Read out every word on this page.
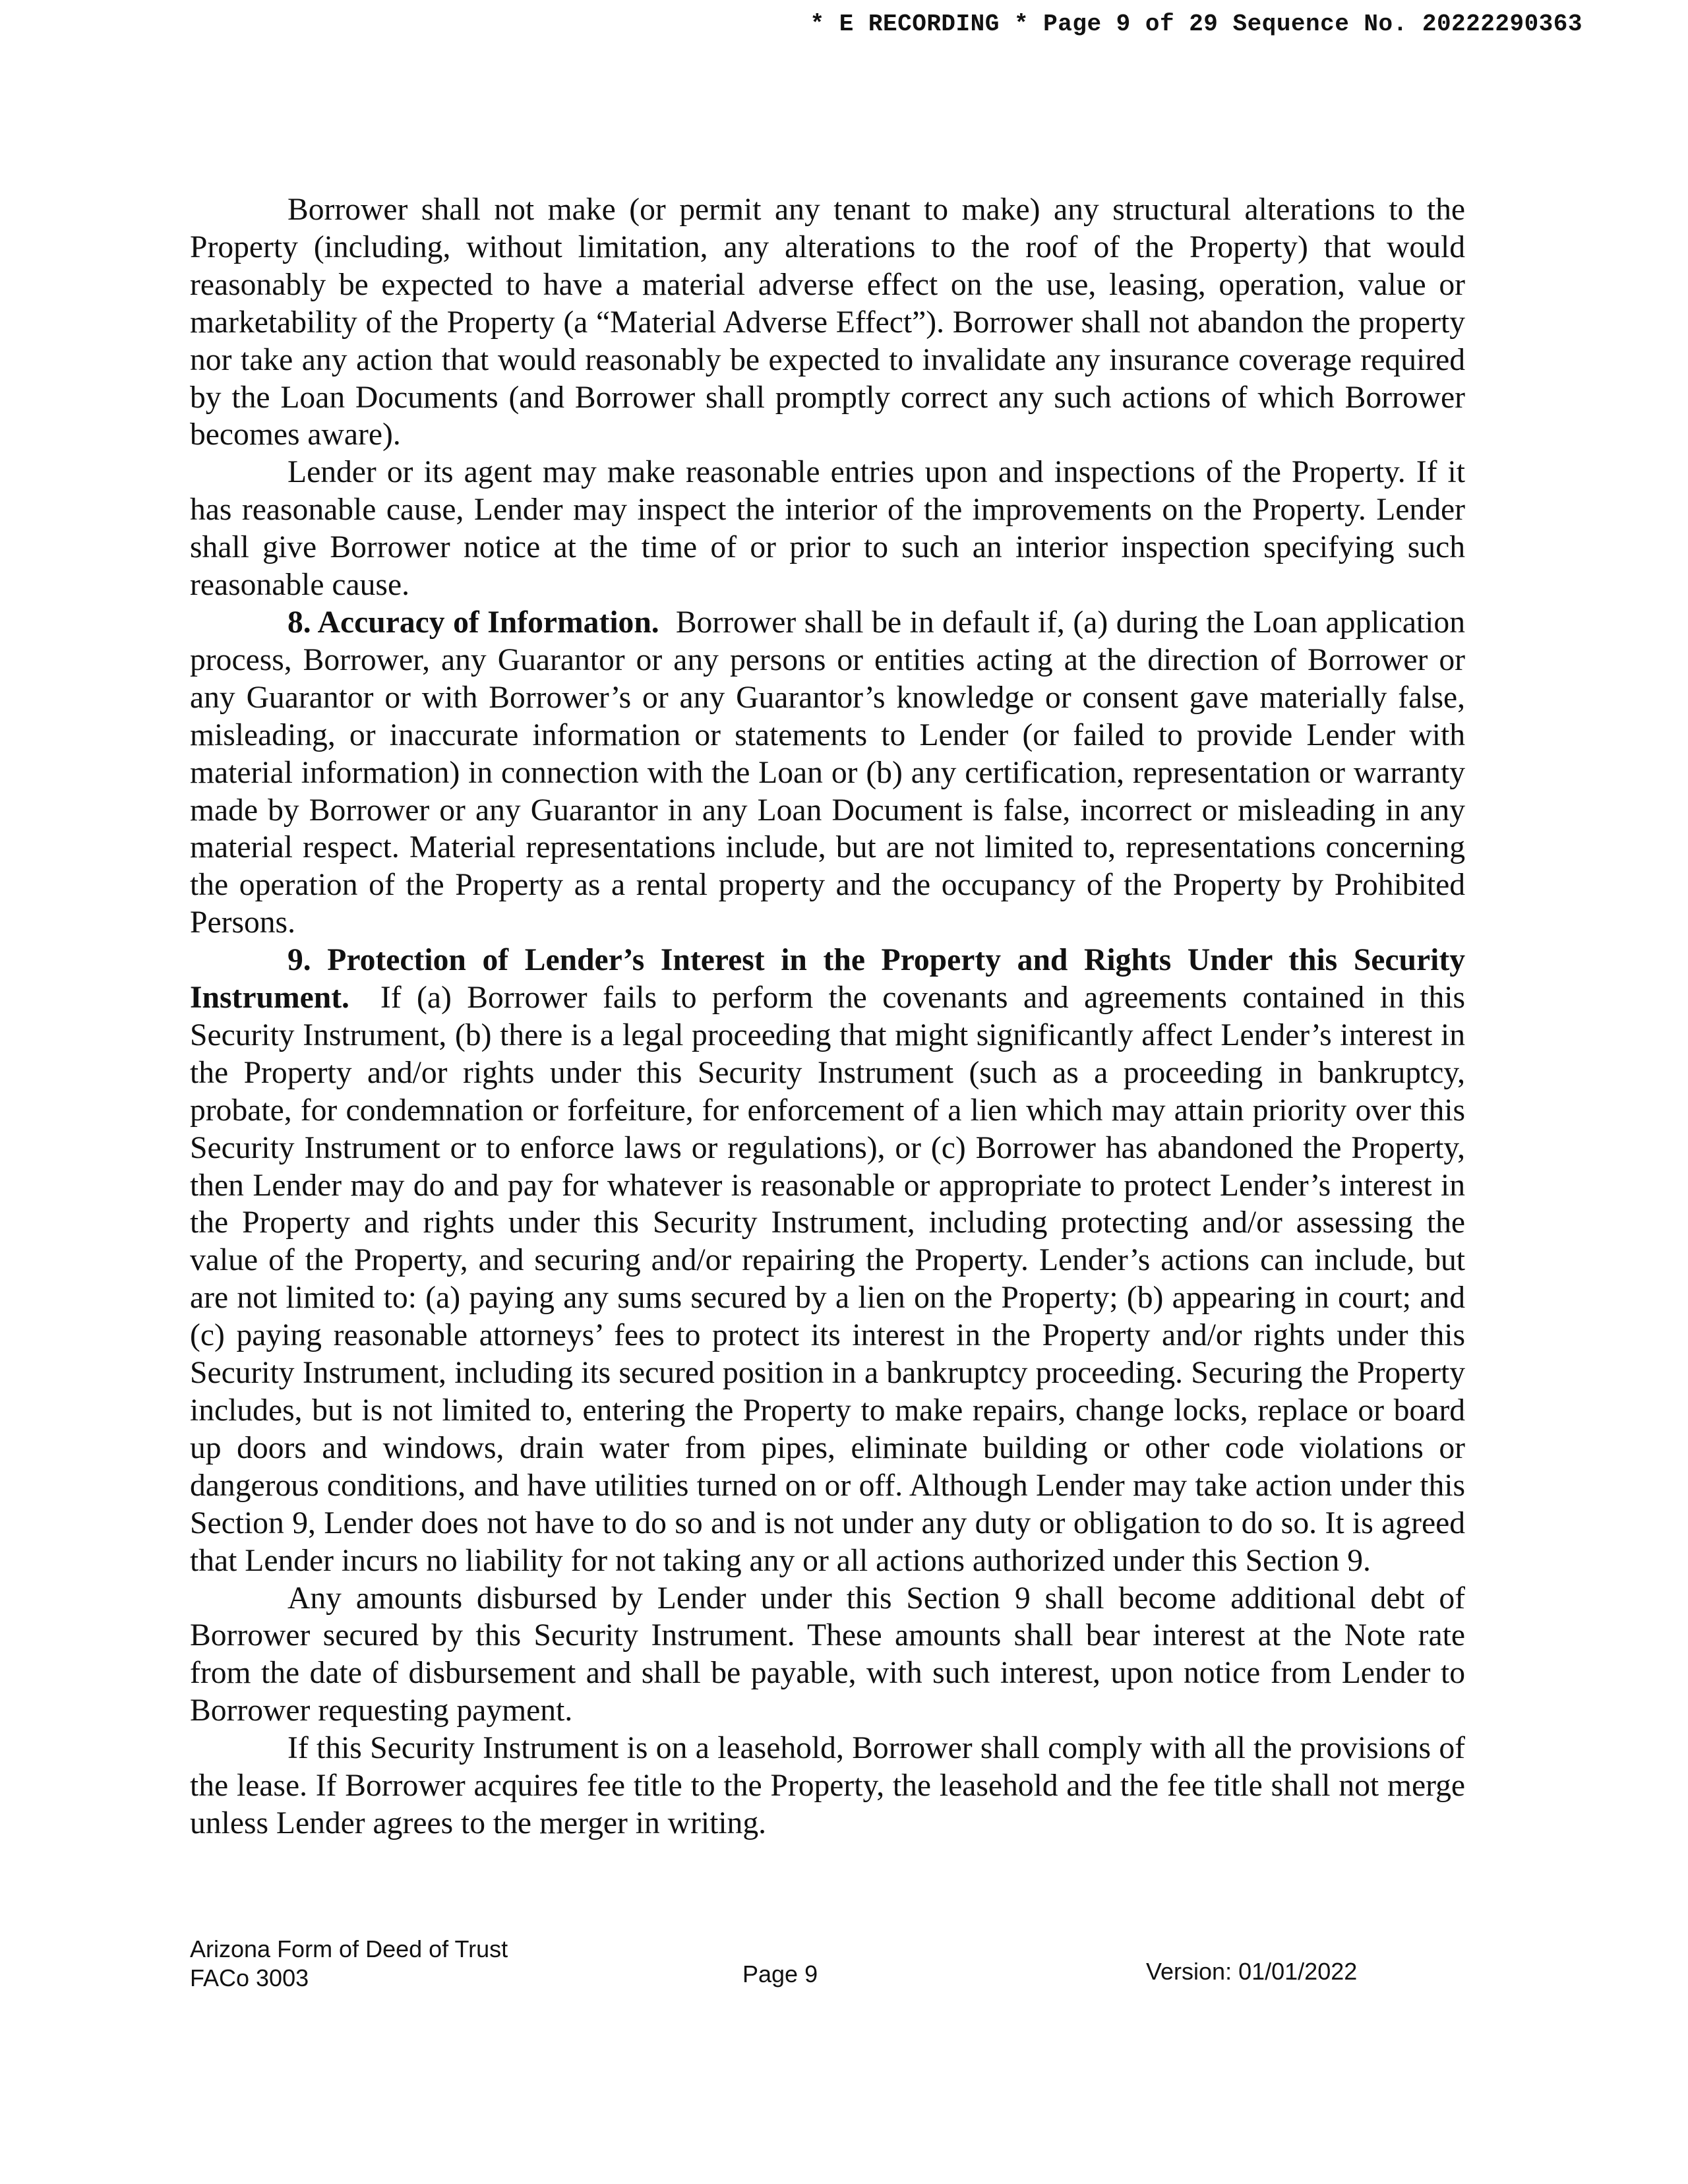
* E RECORDING * Page 9 of 29 Sequence No. 20222290363

Borrower shall not make (or permit any tenant to make) any structural alterations to the Property (including, without limitation, any alterations to the roof of the Property) that would reasonably be expected to have a material adverse effect on the use, leasing, operation, value or marketability of the Property (a “Material Adverse Effect”). Borrower shall not abandon the property nor take any action that would reasonably be expected to invalidate any insurance coverage required by the Loan Documents (and Borrower shall promptly correct any such actions of which Borrower becomes aware).

Lender or its agent may make reasonable entries upon and inspections of the Property. If it has reasonable cause, Lender may inspect the interior of the improvements on the Property. Lender shall give Borrower notice at the time of or prior to such an interior inspection specifying such reasonable cause.

8. Accuracy of Information. Borrower shall be in default if, (a) during the Loan application process, Borrower, any Guarantor or any persons or entities acting at the direction of Borrower or any Guarantor or with Borrower’s or any Guarantor’s knowledge or consent gave materially false, misleading, or inaccurate information or statements to Lender (or failed to provide Lender with material information) in connection with the Loan or (b) any certification, representation or warranty made by Borrower or any Guarantor in any Loan Document is false, incorrect or misleading in any material respect. Material representations include, but are not limited to, representations concerning the operation of the Property as a rental property and the occupancy of the Property by Prohibited Persons.

9. Protection of Lender’s Interest in the Property and Rights Under this Security Instrument. If (a) Borrower fails to perform the covenants and agreements contained in this Security Instrument, (b) there is a legal proceeding that might significantly affect Lender’s interest in the Property and/or rights under this Security Instrument (such as a proceeding in bankruptcy, probate, for condemnation or forfeiture, for enforcement of a lien which may attain priority over this Security Instrument or to enforce laws or regulations), or (c) Borrower has abandoned the Property, then Lender may do and pay for whatever is reasonable or appropriate to protect Lender’s interest in the Property and rights under this Security Instrument, including protecting and/or assessing the value of the Property, and securing and/or repairing the Property. Lender’s actions can include, but are not limited to: (a) paying any sums secured by a lien on the Property; (b) appearing in court; and (c) paying reasonable attorneys’ fees to protect its interest in the Property and/or rights under this Security Instrument, including its secured position in a bankruptcy proceeding. Securing the Property includes, but is not limited to, entering the Property to make repairs, change locks, replace or board up doors and windows, drain water from pipes, eliminate building or other code violations or dangerous conditions, and have utilities turned on or off. Although Lender may take action under this Section 9, Lender does not have to do so and is not under any duty or obligation to do so. It is agreed that Lender incurs no liability for not taking any or all actions authorized under this Section 9.

Any amounts disbursed by Lender under this Section 9 shall become additional debt of Borrower secured by this Security Instrument. These amounts shall bear interest at the Note rate from the date of disbursement and shall be payable, with such interest, upon notice from Lender to Borrower requesting payment.

If this Security Instrument is on a leasehold, Borrower shall comply with all the provisions of the lease. If Borrower acquires fee title to the Property, the leasehold and the fee title shall not merge unless Lender agrees to the merger in writing.

Arizona Form of Deed of Trust
FACo 3003	Page 9	Version: 01/01/2022
